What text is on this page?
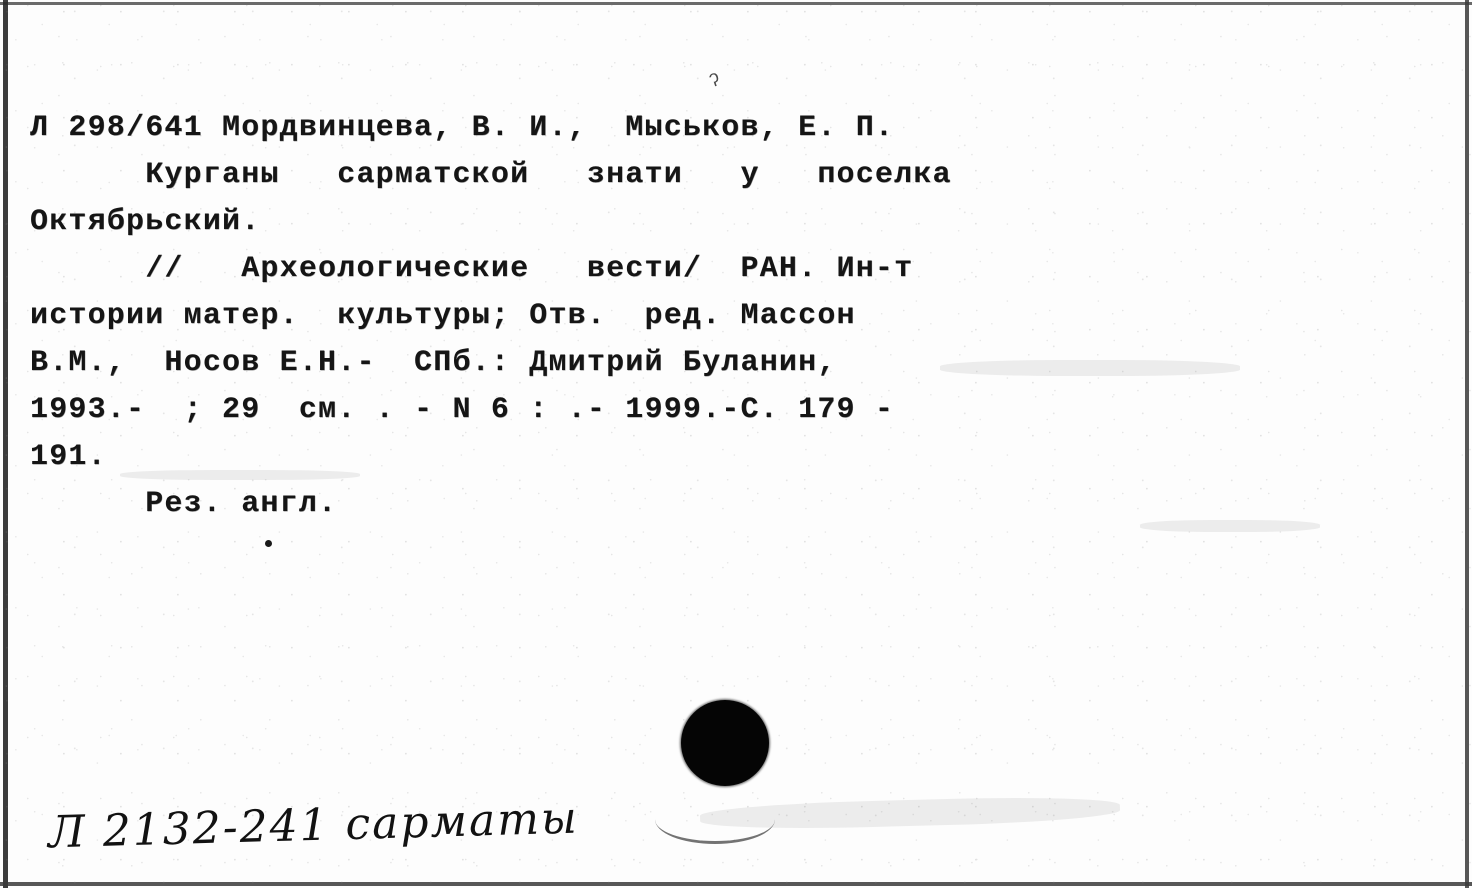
ʔ
Л 298/641 Мордвинцева, В. И.,  Мыськов, Е. П.
Курганы   сарматской   знати   у   поселка
Октябрьский.
//   Археологические   вести/  РАН. Ин-т
истории матер.  культуры; Отв.  ред. Массон
В.М.,  Носов Е.Н.-  СПб.: Дмитрий Буланин,
1993.-  ; 29  см. . - N 6 : .- 1999.-С. 179 -
191.
Рез. англ.
Л 2132-241 сарматы
